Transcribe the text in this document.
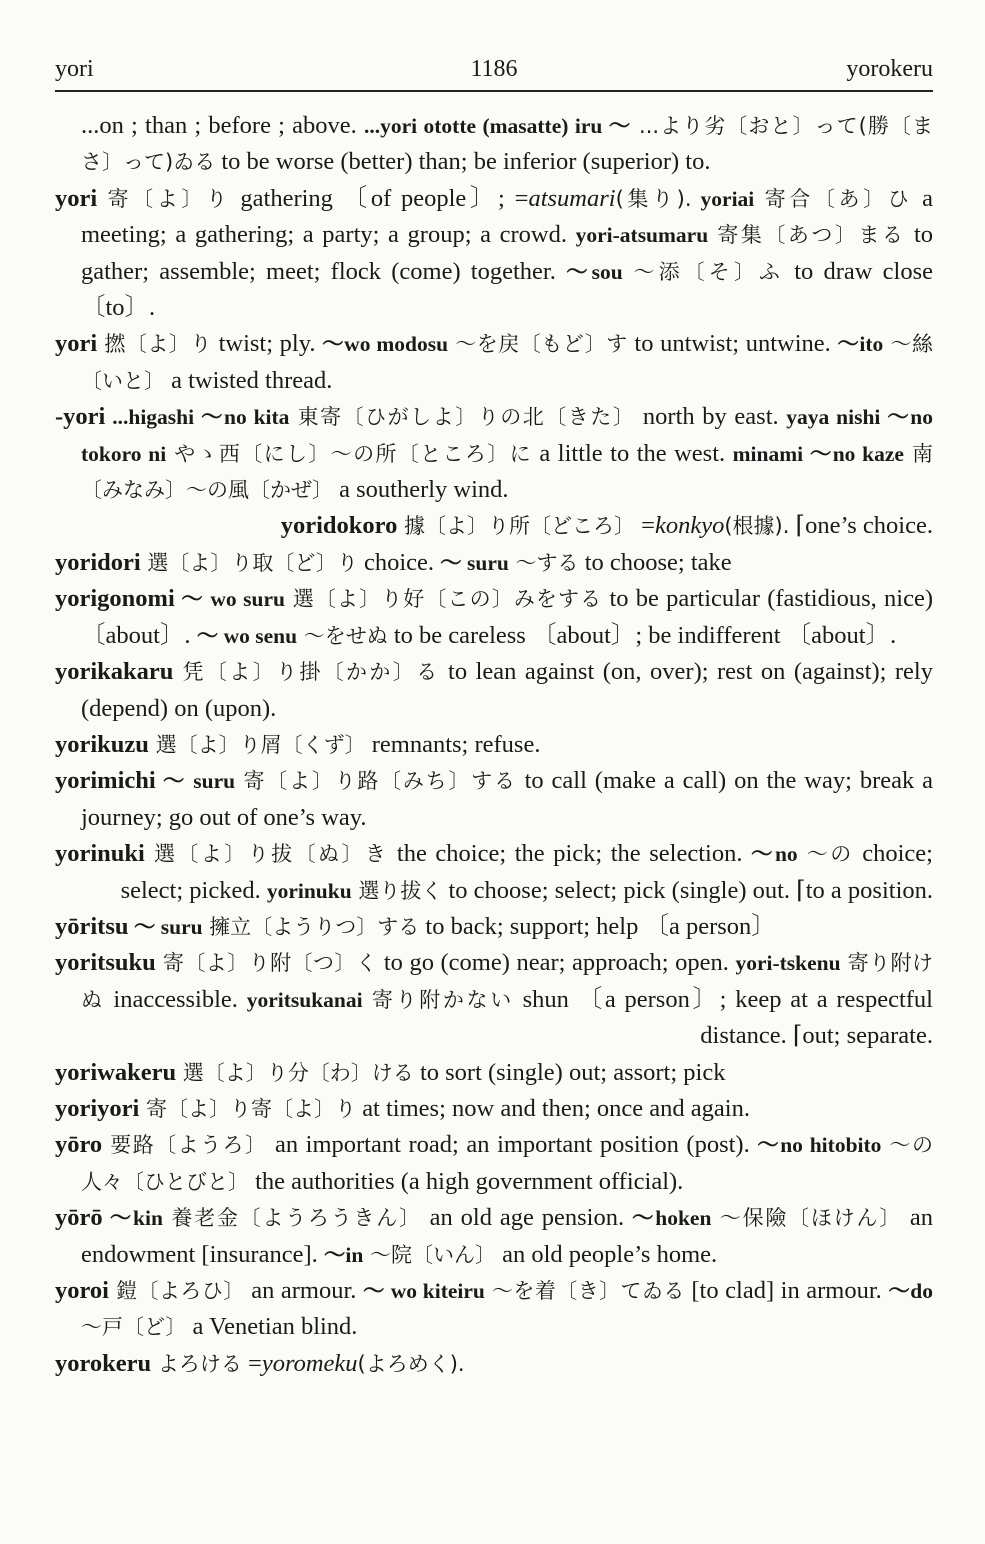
yori	1186	yorokeru
...on ; than ; before ; above. ...yori ototte (masatte) iru 〜 ...より劣〔おと〕って(勝〔まさ〕って)ゐる to be worse (better) than; be inferior (superior) to.
yori 寄〔よ〕り gathering 〔of people〕; =atsumari(集り). yoriai 寄合〔あ〕ひ a meeting; a gathering; a party; a group; a crowd. yori-atsumaru 寄集〔あつ〕まる to gather; assemble; meet; flock (come) together. 〜sou 〜添〔そ〕ふ to draw close 〔to〕.
yori 撚〔よ〕り twist; ply. 〜wo modosu 〜を戻〔もど〕す to untwist; untwine. 〜ito 〜絲〔いと〕 a twisted thread.
-yori ...higashi 〜no kita 東寄〔ひがしよ〕りの北〔きた〕 north by east. yaya nishi 〜no tokoro ni やゝ西〔にし〕〜の所〔ところ〕に a little to the west. minami 〜no kaze 南〔みなみ〕〜の風〔かぜ〕 a southerly wind.
yoridokoro 據〔よ〕り所〔どころ〕 =konkyo(根據). ⌈one’s choice.
yoridori 選〔よ〕り取〔ど〕り choice. 〜 suru 〜する to choose; take
yorigonomi 〜 wo suru 選〔よ〕り好〔この〕みをする to be particular (fastidious, nice) 〔about〕. 〜 wo senu 〜をせぬ to be careless 〔about〕; be indifferent 〔about〕.
yorikakaru 凭〔よ〕り掛〔かか〕る to lean against (on, over); rest on (against); rely (depend) on (upon).
yorikuzu 選〔よ〕り屑〔くず〕 remnants; refuse.
yorimichi 〜 suru 寄〔よ〕り路〔みち〕する to call (make a call) on the way; break a journey; go out of one’s way.
yorinuki 選〔よ〕り拔〔ぬ〕き the choice; the pick; the selection. 〜no 〜の choice; select; picked. yorinuku 選り拔く to choose; select; pick (single) out. ⌈to a position.
yōritsu 〜 suru 擁立〔ようりつ〕する to back; support; help 〔a person〕
yoritsuku 寄〔よ〕り附〔つ〕く to go (come) near; approach; open. yori-tskenu 寄り附けぬ inaccessible. yoritsukanai 寄り附かない shun 〔a person〕; keep at a respectful distance. ⌈out; separate.
yoriwakeru 選〔よ〕り分〔わ〕ける to sort (single) out; assort; pick
yoriyori 寄〔よ〕り寄〔よ〕り at times; now and then; once and again.
yōro 要路〔ようろ〕 an important road; an important position (post). 〜no hitobito 〜の人々〔ひとびと〕 the authorities (a high government official).
yōrō 〜kin 養老金〔ようろうきん〕 an old age pension. 〜hoken 〜保險〔ほけん〕 an endowment [insurance]. 〜in 〜院〔いん〕 an old people’s home.
yoroi 鎧〔よろひ〕 an armour. 〜 wo kiteiru 〜を着〔き〕てゐる [to clad] in armour. 〜do 〜戸〔ど〕 a Venetian blind.
yorokeru よろける =yoromeku(よろめく).
